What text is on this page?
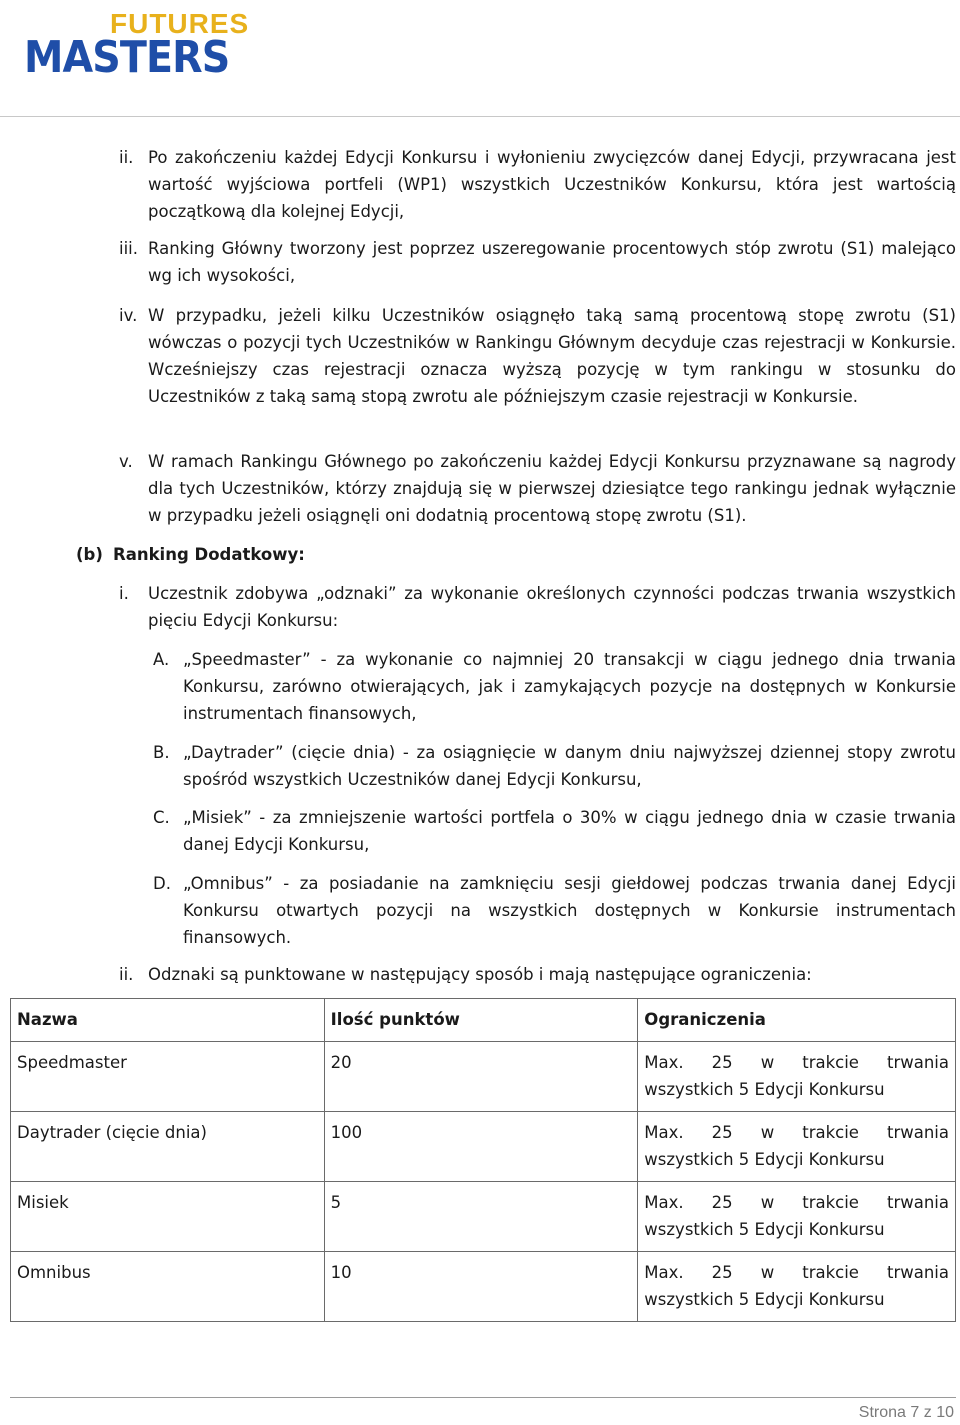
FUTURES
MASTERS
ii. Po zakończeniu każdej Edycji Konkursu i wyłonieniu zwycięzców danej Edycji, przywracana jest wartość wyjściowa portfeli (WP1) wszystkich Uczestników Konkursu, która jest wartością początkową dla kolejnej Edycji,
iii. Ranking Główny tworzony jest poprzez uszeregowanie procentowych stóp zwrotu (S1) malejąco wg ich wysokości,
iv. W przypadku, jeżeli kilku Uczestników osiągnęło taką samą procentową stopę zwrotu (S1) wówczas o pozycji tych Uczestników w Rankingu Głównym decyduje czas rejestracji w Konkursie. Wcześniejszy czas rejestracji oznacza wyższą pozycję w tym rankingu w stosunku do Uczestników z taką samą stopą zwrotu ale późniejszym czasie rejestracji w Konkursie.
v. W ramach Rankingu Głównego po zakończeniu każdej Edycji Konkursu przyznawane są nagrody dla tych Uczestników, którzy znajdują się w pierwszej dziesiątce tego rankingu jednak wyłącznie w przypadku jeżeli osiągnęli oni dodatnią procentową stopę zwrotu (S1).
(b) Ranking Dodatkowy:
i. Uczestnik zdobywa „odznaki” za wykonanie określonych czynności podczas trwania wszystkich pięciu Edycji Konkursu:
A. „Speedmaster” - za wykonanie co najmniej 20 transakcji w ciągu jednego dnia trwania Konkursu, zarówno otwierających, jak i zamykających pozycje na dostępnych w Konkursie instrumentach finansowych,
B. „Daytrader” (cięcie dnia) - za osiągnięcie w danym dniu najwyższej dziennej stopy zwrotu spośród wszystkich Uczestników danej Edycji Konkursu,
C. „Misiek” - za zmniejszenie wartości portfela o 30% w ciągu jednego dnia w czasie trwania danej Edycji Konkursu,
D. „Omnibus” - za posiadanie na zamknięciu sesji giełdowej podczas trwania danej Edycji Konkursu otwartych pozycji na wszystkich dostępnych w Konkursie instrumentach finansowych.
ii. Odznaki są punktowane w następujący sposób i mają następujące ograniczenia:
Nazwa	Ilość punktów	Ograniczenia
Speedmaster	20	Max. 25 w trakcie trwania wszystkich 5 Edycji Konkursu
Daytrader (cięcie dnia)	100	Max. 25 w trakcie trwania wszystkich 5 Edycji Konkursu
Misiek	5	Max. 25 w trakcie trwania wszystkich 5 Edycji Konkursu
Omnibus	10	Max. 25 w trakcie trwania wszystkich 5 Edycji Konkursu
Strona 7 z 10
